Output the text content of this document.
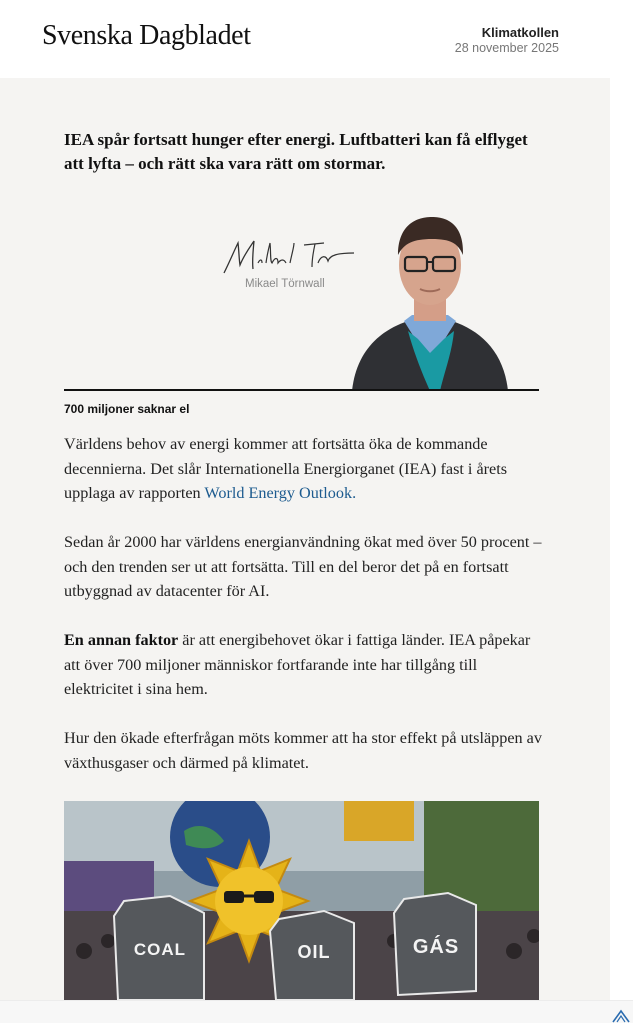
Svenska Dagbladet	Klimatkollen
28 november 2025
IEA spår fortsatt hunger efter energi. Luftbatteri kan få elflyget att lyfta – och rätt ska vara rätt om stormar.
Mikael Törnwall
700 miljoner saknar el

Världens behov av energi kommer att fortsätta öka de kommande decennierna. Det slår Internationella Energiorganet (IEA) fast i årets upplaga av rapporten World Energy Outlook.

Sedan år 2000 har världens energianvändning ökat med över 50 procent – och den trenden ser ut att fortsätta. Till en del beror det på en fortsatt utbyggnad av datacenter för AI.

En annan faktor är att energibehovet ökar i fattiga länder. IEA påpekar att över 700 miljoner människor fortfarande inte har tillgång till elektricitet i sina hem.

Hur den ökade efterfrågan möts kommer att ha stor effekt på utsläppen av växthusgaser och därmed på klimatet.

COAL	OIL	GÁS
